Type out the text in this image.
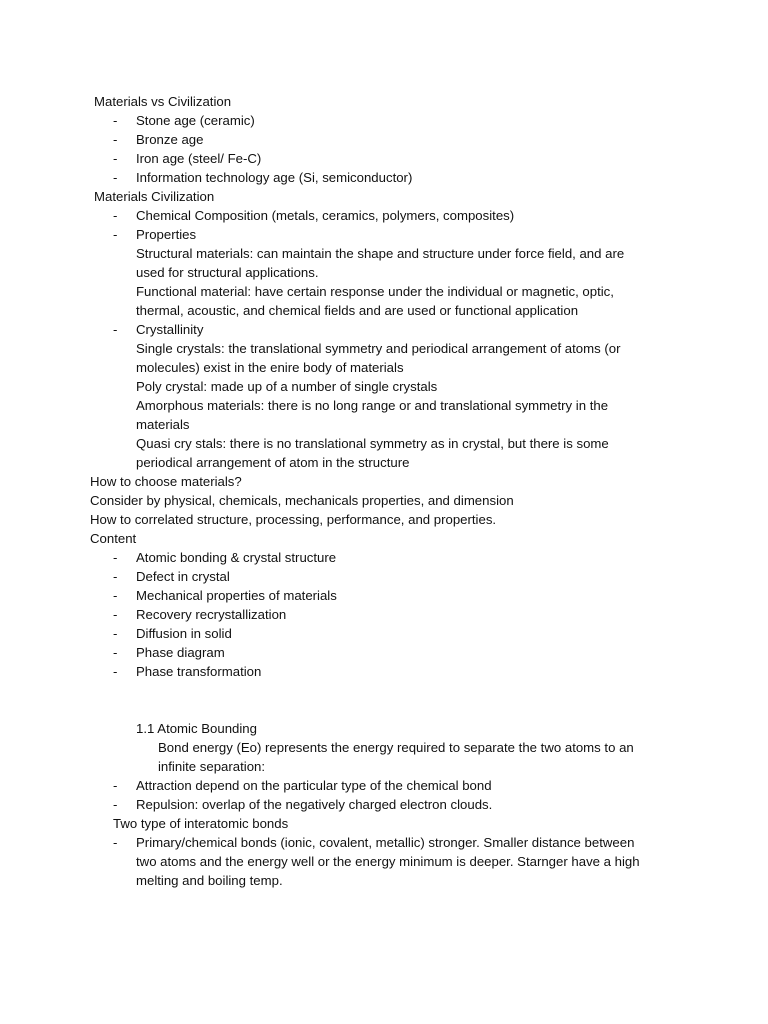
Materials vs Civilization
- Stone age (ceramic)
- Bronze age
- Iron age (steel/ Fe-C)
- Information technology age (Si, semiconductor)
Materials Civilization
- Chemical Composition (metals, ceramics, polymers, composites)
- Properties
Structural materials: can maintain the shape and structure under force field, and are
used for structural applications.
Functional material: have certain response under the individual or magnetic, optic,
thermal, acoustic, and chemical fields and are used or functional application
- Crystallinity
Single crystals: the translational symmetry and periodical arrangement of atoms (or
molecules) exist in the enire body of materials
Poly crystal: made up of a number of single crystals
Amorphous materials: there is no long range or and translational symmetry in the
materials
Quasi cry stals: there is no translational symmetry as in crystal, but there is some
periodical arrangement of atom in the structure
How to choose materials?
Consider by physical, chemicals, mechanicals properties, and dimension
How to correlated structure, processing, performance, and properties.
Content
- Atomic bonding & crystal structure
- Defect in crystal
- Mechanical properties of materials
- Recovery recrystallization
- Diffusion in solid
- Phase diagram
- Phase transformation
1.1 Atomic Bounding
Bond energy (Eo) represents the energy required to separate the two atoms to an
infinite separation:
- Attraction depend on the particular type of the chemical bond
- Repulsion: overlap of the negatively charged electron clouds.
Two type of interatomic bonds
- Primary/chemical bonds (ionic, covalent, metallic) stronger. Smaller distance between
two atoms and the energy well or the energy minimum is deeper. Starnger have a high
melting and boiling temp.
